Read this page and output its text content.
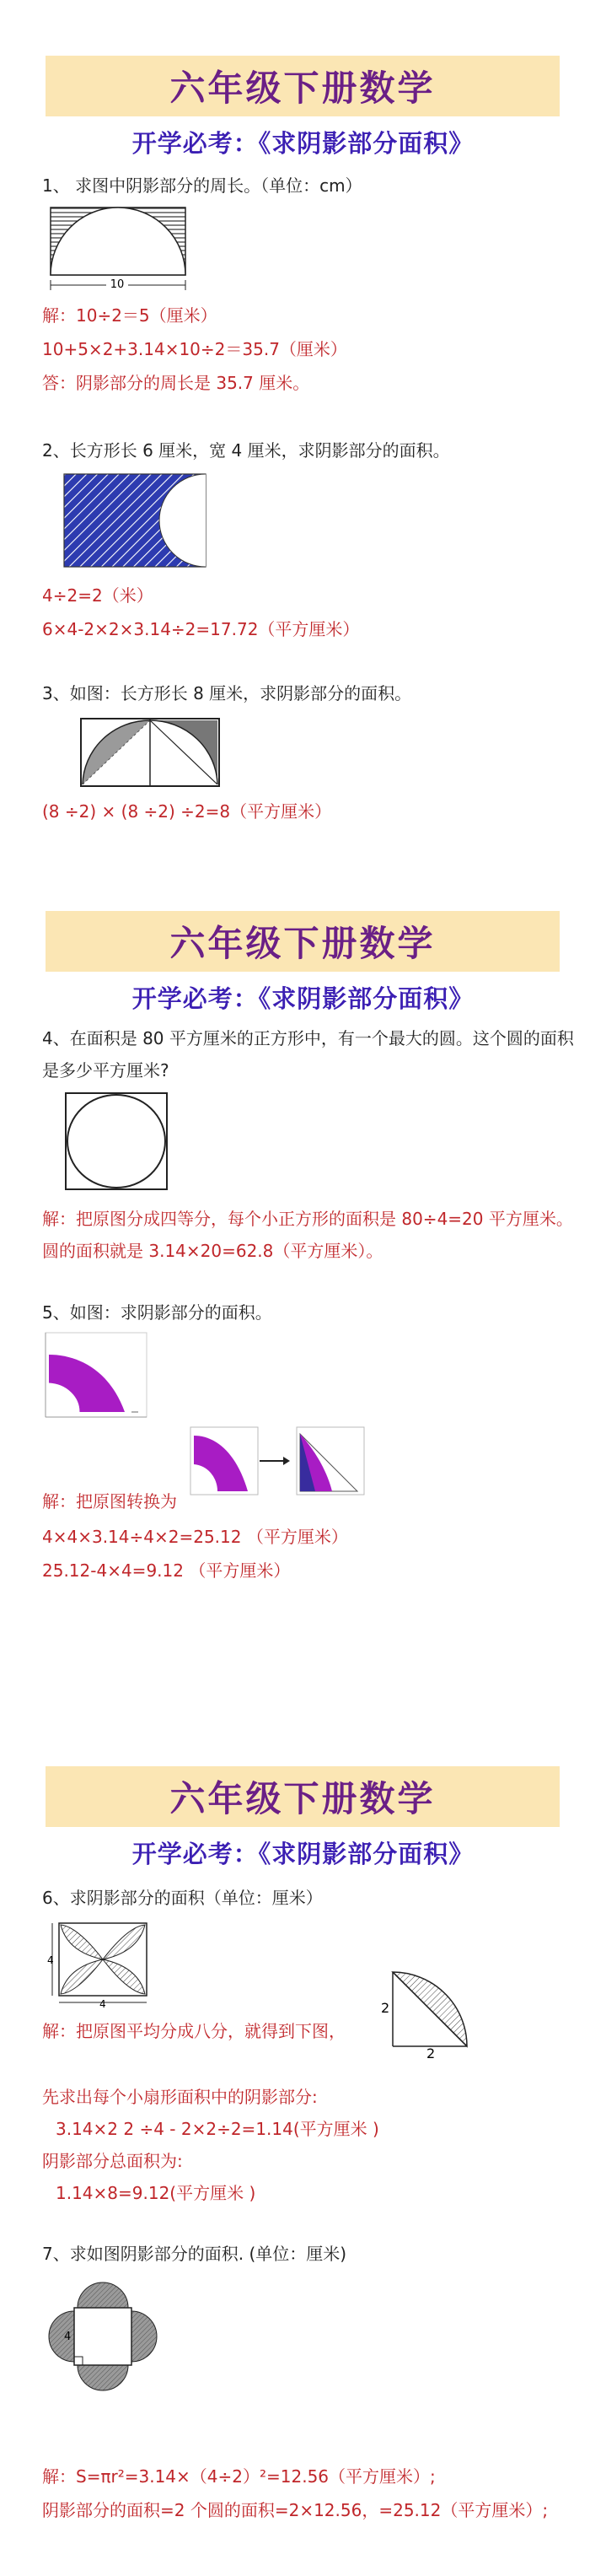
六年级下册数学
开学必考：《求阴影部分面积》
1、 求图中阴影部分的周长。（单位：cm）
10
解：10÷2＝5（厘米）
10+5×2+3.14×10÷2＝35.7（厘米）
答：阴影部分的周长是 35.7 厘米。
2、长方形长 6 厘米，宽 4 厘米，求阴影部分的面积。
4÷2=2（米）
6×4-2×2×3.14÷2=17.72（平方厘米）
3、如图：长方形长 8 厘米，求阴影部分的面积。
(8 ÷2) × (8 ÷2) ÷2=8（平方厘米）
六年级下册数学
开学必考：《求阴影部分面积》
4、在面积是 80 平方厘米的正方形中，有一个最大的圆。这个圆的面积是多少平方厘米?
解：把原图分成四等分，每个小正方形的面积是 80÷4=20 平方厘米。圆的面积就是 3.14×20=62.8（平方厘米）。
5、如图：求阴影部分的面积。
解：把原图转换为
4×4×3.14÷4×2=25.12 （平方厘米）
25.12-4×4=9.12 （平方厘米）
六年级下册数学
开学必考：《求阴影部分面积》
6、求阴影部分的面积（单位：厘米）
4
4
解：把原图平均分成八分，就得到下图，
2
2
先求出每个小扇形面积中的阴影部分:
3.14×2 2 ÷4 - 2×2÷2=1.14(平方厘米 )
阴影部分总面积为:
1.14×8=9.12(平方厘米 )
7、求如图阴影部分的面积. (单位：厘米)
4
解：S=πr²=3.14×（4÷2）²=12.56（平方厘米）;
阴影部分的面积=2 个圆的面积=2×12.56，=25.12（平方厘米）;
